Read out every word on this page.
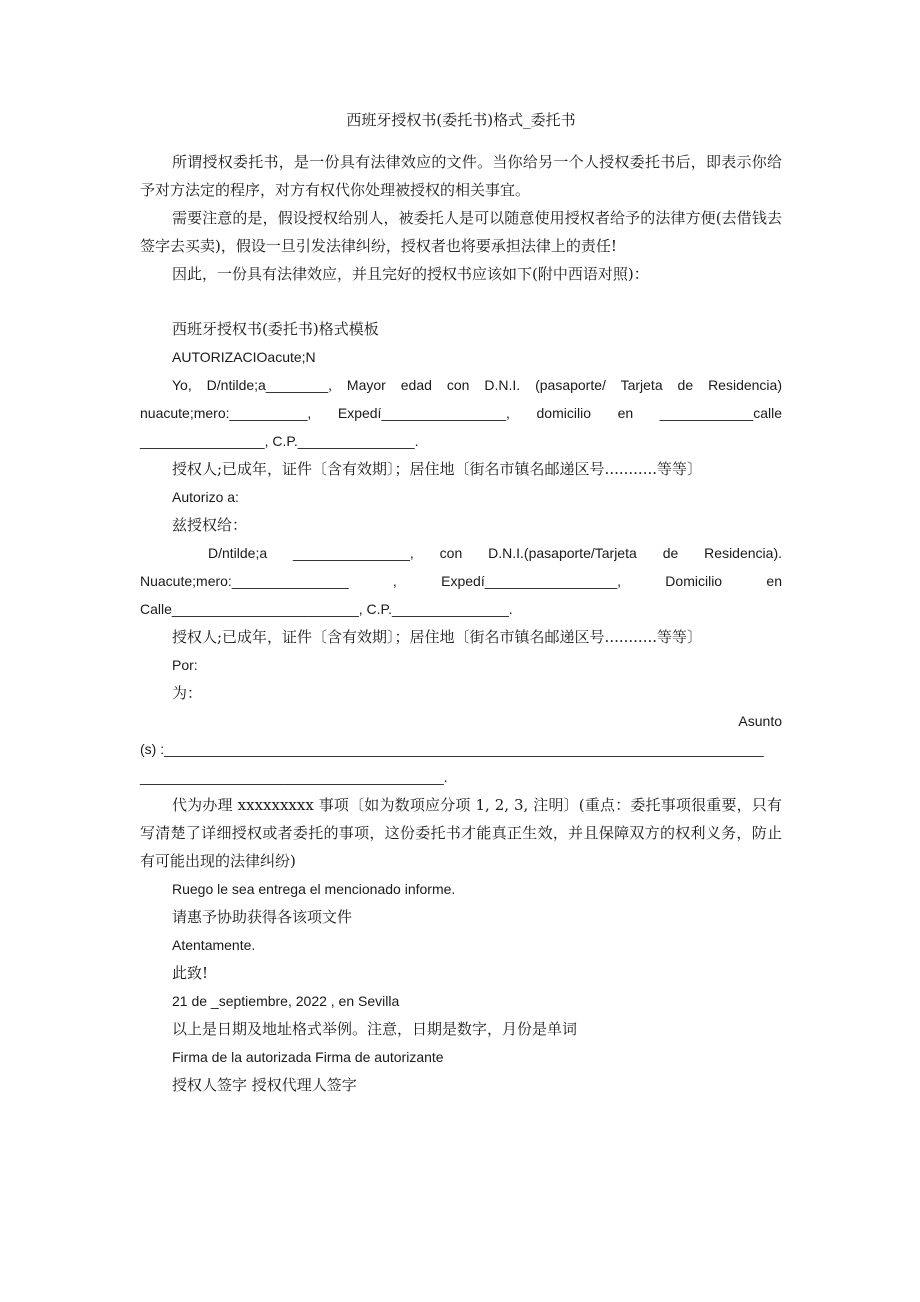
西班牙授权书(委托书)格式_委托书

所谓授权委托书，是一份具有法律效应的文件。当你给另一个人授权委托书后，即表示你给予对方法定的程序，对方有权代你处理被授权的相关事宜。

需要注意的是，假设授权给别人，被委托人是可以随意使用授权者给予的法律方便(去借钱去签字去买卖)，假设一旦引发法律纠纷，授权者也将要承担法律上的责任!

因此，一份具有法律效应，并且完好的授权书应该如下(附中西语对照)：

西班牙授权书(委托书)格式模板

AUTORIZACIOacute;N

Yo, D/ntilde;a________, Mayor edad con D.N.I. (pasaporte/ Tarjeta de Residencia)

nuacute;mero:__________, Expedí________________, domicilio en ____________calle

________________, C.P._______________.

授权人;已成年，证件〔含有效期〕；居住地〔街名市镇名邮递区号...........等等〕

Autorizo a:

兹授权给：

D/ntilde;a _______________, con D.N.I.(pasaporte/Tarjeta de Residencia).

Nuacute;mero:_______________ , Expedí_________________, Domicilio en

Calle________________________, C.P._______________.

授权人;已成年，证件〔含有效期〕；居住地〔街名市镇名邮递区号...........等等〕

Por:

为：

Asunto

(s) :_____________________________________________________________________________

_______________________________________.

代为办理 xxxxxxxxx 事项〔如为数项应分项 1, 2, 3, 注明〕(重点：委托事项很重要，只有写清楚了详细授权或者委托的事项，这份委托书才能真正生效，并且保障双方的权利义务，防止有可能出现的法律纠纷)

Ruego le sea entrega el mencionado informe.

请惠予协助获得各该项文件

Atentamente.

此致!

21 de _septiembre, 2022 , en Sevilla

以上是日期及地址格式举例。注意，日期是数字，月份是单词

Firma de la autorizada Firma de autorizante

授权人签字 授权代理人签字
